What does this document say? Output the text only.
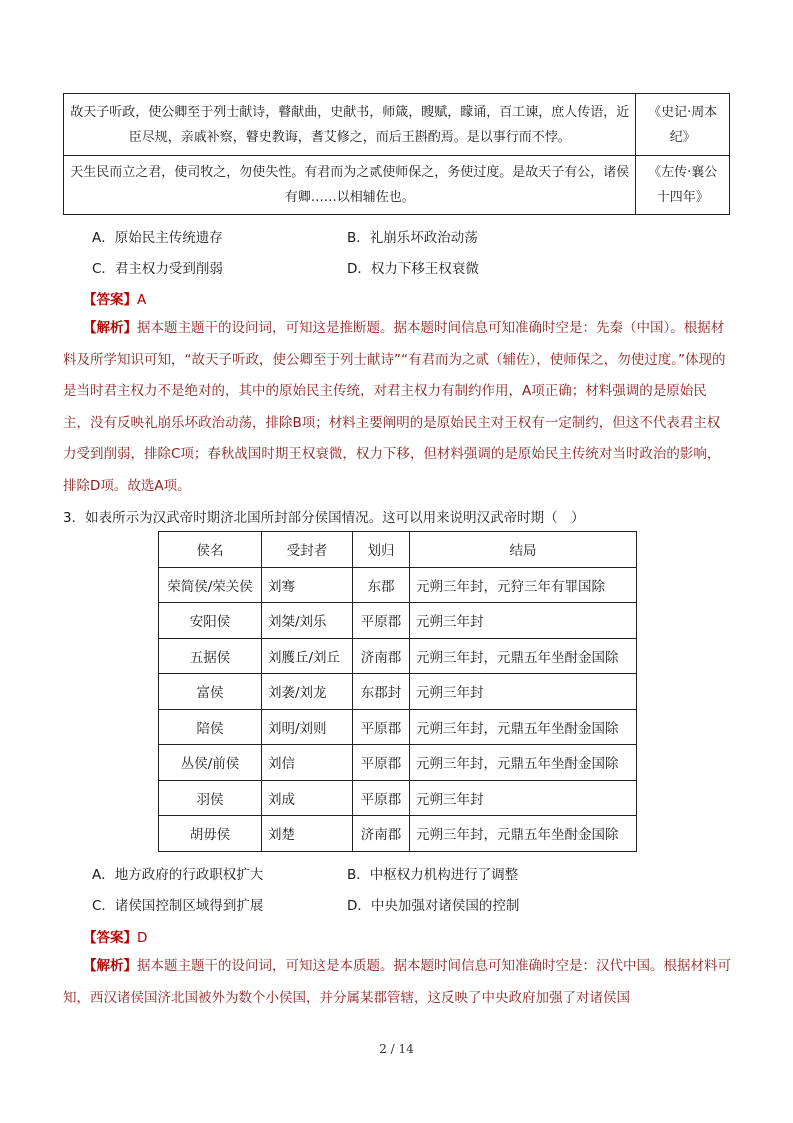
故天子听政，使公卿至于列士献诗，瞽献曲，史献书，师箴，瞍赋，矇诵，百工谏，庶人传语，近臣尽规，亲戚补察，瞽史教诲，耆艾修之，而后王斟酌焉。是以事行而不悖。	《史记·周本纪》
天生民而立之君，使司牧之，勿使失性。有君而为之贰使师保之，务使过度。是故天子有公，诸侯有卿……以相辅佐也。	《左传·襄公十四年》
A．原始民主传统遗存	B．礼崩乐坏政治动荡
C．君主权力受到削弱	D．权力下移王权衰微
【答案】A
【解析】据本题主题干的设问词，可知这是推断题。据本题时间信息可知准确时空是：先秦（中国）。根据材料及所学知识可知，“故天子听政，使公卿至于列士献诗”“有君而为之贰（辅佐），使师保之，勿使过度。”体现的是当时君主权力不是绝对的，其中的原始民主传统，对君主权力有制约作用，A项正确；材料强调的是原始民主，没有反映礼崩乐坏政治动荡，排除B项；材料主要阐明的是原始民主对王权有一定制约，但这不代表君主权力受到削弱，排除C项；春秋战国时期王权衰微，权力下移，但材料强调的是原始民主传统对当时政治的影响，排除D项。故选A项。
3．如表所示为汉武帝时期济北国所封部分侯国情况。这可以用来说明汉武帝时期（　）
侯名	受封者	划归	结局
荣简侯/荣关侯	刘骞	东郡	元朔三年封，元狩三年有罪国除
安阳侯	刘桀/刘乐	平原郡	元朔三年封
五据侯	刘臒丘/刘丘	济南郡	元朔三年封，元鼎五年坐酎金国除
富侯	刘袭/刘龙	东郡封	元朔三年封
陪侯	刘明/刘则	平原郡	元朔三年封，元鼎五年坐酎金国除
丛侯/前侯	刘信	平原郡	元朔三年封，元鼎五年坐酎金国除
羽侯	刘成	平原郡	元朔三年封
胡毋侯	刘楚	济南郡	元朔三年封，元鼎五年坐酎金国除
A．地方政府的行政职权扩大	B．中枢权力机构进行了调整
C．诸侯国控制区域得到扩展	D．中央加强对诸侯国的控制
【答案】D
【解析】据本题主题干的设问词，可知这是本质题。据本题时间信息可知准确时空是：汉代中国。根据材料可知，西汉诸侯国济北国被外为数个小侯国，并分属某郡管辖，这反映了中央政府加强了对诸侯国
2 / 14
